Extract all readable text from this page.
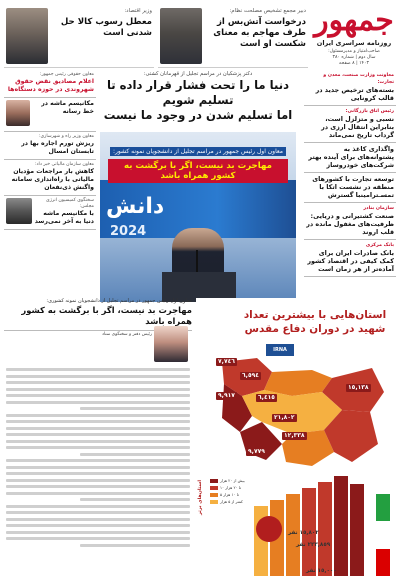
جمهور
روزنامه سراسری ایران
صاحب‌امتیاز و مدیرمسئول:
سال دوم | شماره ۳۸۰
۱۴۰۳ | ۸ صفحه
دبیر مجمع تشخیص مصلحت نظام:
درخواست آتش‌بس از طرف مهاجم به معنای شکست او است
وزیر اقتصاد:
معطل رسوب کالا حل شدنی است
معاونت وزارت صنعت، معدن و تجارت:
بسته‌های ترخیص جدید در قالب کرونایی
رئیس اتاق بازرگانی:
نسبی و متزلزل است، بنابراین انتقال ارزی در گرداب تاریخ نمی‌ماند
واگذاری کاغذ به پشتوانه‌های برای آینده بهتر شرکت‌های خودروساز
توسعه تجارت با کشورهای منطقه در نشست اتکا با تمسـترامینبا گسترش
سازمان بنادر
صنعت کشتیرانی و دریایی: ظرفیت‌های مغفول مانده در قلب اروند
بانک مرکزی
بانک صادرات ایران برای کمک کیفی در اقتصاد کشور آماده‌تر از هر زمان است
معاون حقوقی رئیس جمهور:
اعلام مصادیق نقض حقوق شهروندی در حوزه دستگاه‌ها
مکانیسم ماشه در خط رسانه
معاون وزیر راه و شهرسازی:
ریزش تورم اجاره بها در تابستان امسال
معاون سازمان مالیاتی خبر داد:
کاهش بار مراجعات مؤدیان مالیاتی با راه‌اندازی سامانه واگنش ذی‌نفعان
سخنگوی کمیسیون انرژی مجلس:
با مکانیسم ماشه دنیا به آخر نمی‌رسد
دکتر پزشکیان در مراسم تجلیل از قهرمانان کشتی:
دنیا ما را تحت فشار قرار داده تا تسلیم شویم
اما تسلیم شدن در وجود ما نیست
دانش
2024
معاون اول رئیس جمهور در مراسم تجلیل از دانشجویان نمونه کشور: مهاجرت بد نیست، اگر با برگشت به کشور همراه باشد
معاون اول رئیس جمهور در مراسم تجلیل از دانشجویان نمونه کشوری:
مهاجرت بد نیست، اگر با برگشت به کشور همراه باشد
رئیس دفتر و سخنگوی ستاد
استان‌هایی با بیشترین تعداد
شهید در دوران دفاع مقدس
IRNA
٧,٧٤٦
٦,٥٩٤
٩,٩١٧	٦,٤١٥
٢١,٨٠٢
١٢,٣٣٨
١٥,١٣٨
٩,٧٧٩
استان‌های برتر	بیش از ۲۰ هزار
۱۰ تا ۲۰ هزار
۵ تا ۱۰ هزار
کمتر از ۵ هزار
١٥,٨٠٢ نفر
٢٢٣,٨٥٩ نفر
١٥,٠٠٠ نفر
